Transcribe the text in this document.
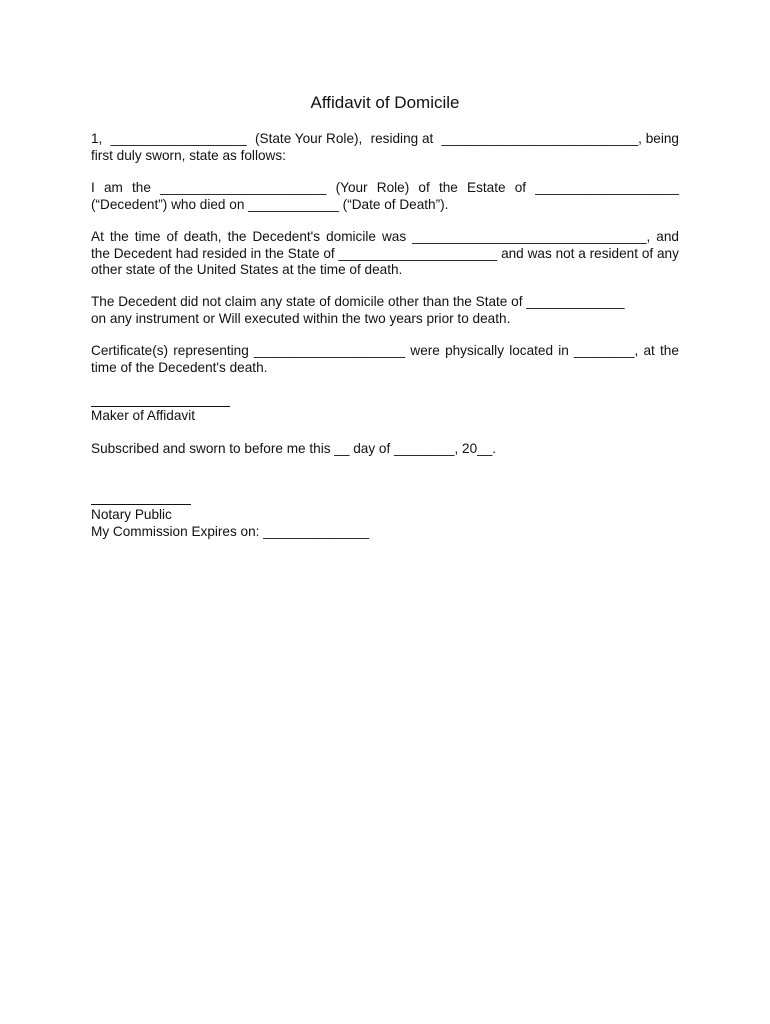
Affidavit of Domicile
1, __________________ (State Your Role), residing at __________________________, being
first duly sworn, state as follows:
I am the ______________________ (Your Role) of the Estate of ___________________
(“Decedent”) who died on ____________ (“Date of Death”).
At the time of death, the Decedent's domicile was _______________________________, and
the Decedent had resided in the State of _____________________ and was not a resident of any
other state of the United States at the time of death.
The Decedent did not claim any state of domicile other than the State of _____________
on any instrument or Will executed within the two years prior to death.
Certificate(s) representing ____________________ were physically located in ________, at the
time of the Decedent's death.
Maker of Affidavit
Subscribed and sworn to before me this __ day of ________, 20__.
Notary Public
My Commission Expires on: ______________
